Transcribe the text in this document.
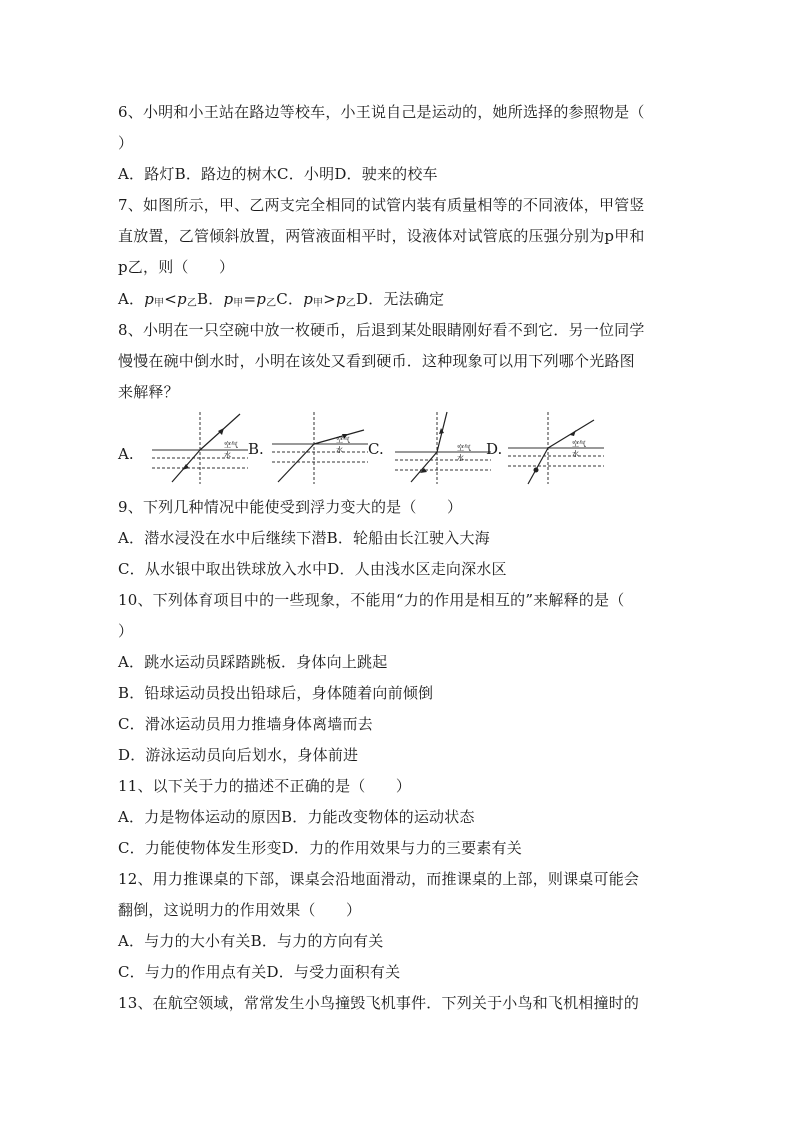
6、小明和小王站在路边等校车，小王说自己是运动的，她所选择的参照物是（
）
A．路灯B．路边的树木C．小明D．驶来的校车
7、如图所示，甲、乙两支完全相同的试管内装有质量相等的不同液体，甲管竖
直放置，乙管倾斜放置，两管液面相平时，设液体对试管底的压强分别为p甲和
p乙，则（　　）
A．$p_甲<p_乙B$．$p_甲=p_乙C$．$p_甲>p_乙D$．无法确定
8、小明在一只空碗中放一枚硬币，后退到某处眼睛刚好看不到它．另一位同学
慢慢在碗中倒水时，小明在该处又看到硬币．这种现象可以用下列哪个光路图
来解释？
A.	空气
水 B.	空气
水 C.	空气
水 D.	空气
水
9、下列几种情况中能使受到浮力变大的是（　　）
A．潜水浸没在水中后继续下潜B．轮船由长江驶入大海
C．从水银中取出铁球放入水中D．人由浅水区走向深水区
10、下列体育项目中的一些现象，不能用“力的作用是相互的”来解释的是（
）
A．跳水运动员踩踏跳板．身体向上跳起
B．铅球运动员投出铅球后，身体随着向前倾倒
C．滑冰运动员用力推墙身体离墙而去
D．游泳运动员向后划水，身体前进
11、以下关于力的描述不正确的是（　　）
A．力是物体运动的原因B．力能改变物体的运动状态
C．力能使物体发生形变D．力的作用效果与力的三要素有关
12、用力推课桌的下部，课桌会沿地面滑动，而推课桌的上部，则课桌可能会
翻倒，这说明力的作用效果（　　）
A．与力的大小有关B．与力的方向有关
C．与力的作用点有关D．与受力面积有关
13、在航空领域，常常发生小鸟撞毁飞机事件．下列关于小鸟和飞机相撞时的
